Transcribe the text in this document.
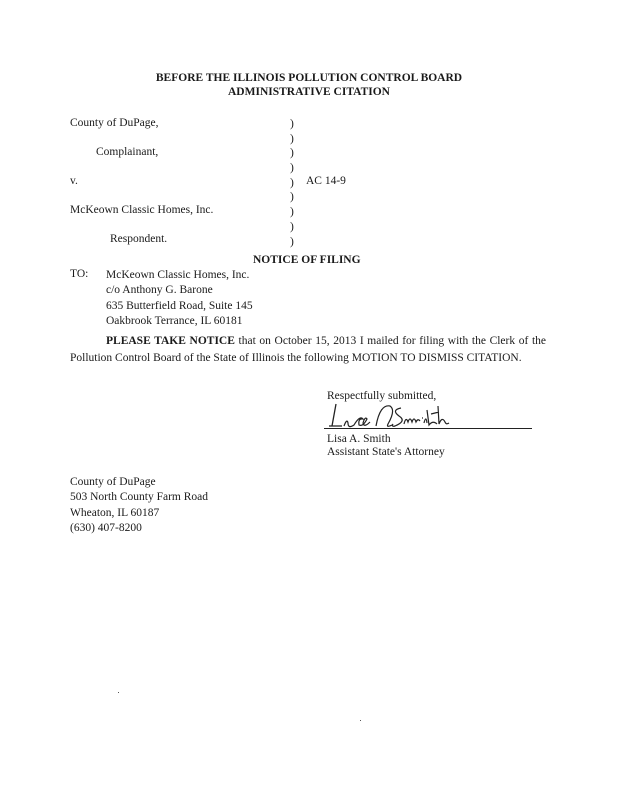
BEFORE THE ILLINOIS POLLUTION CONTROL BOARD
ADMINISTRATIVE CITATION
County of DuPage,
Complainant,
v.	AC 14-9
McKeown Classic Homes, Inc.
Respondent.
)
)
)
)
)
)
)
)
)
NOTICE OF FILING
TO: McKeown Classic Homes, Inc.
c/o Anthony G. Barone
635 Butterfield Road, Suite 145
Oakbrook Terrance, IL 60181
PLEASE TAKE NOTICE that on October 15, 2013 I mailed for filing with the Clerk of the Pollution Control Board of the State of Illinois the following MOTION TO DISMISS CITATION.
Respectfully submitted,
Lisa A. Smith
Assistant State's Attorney
County of DuPage
503 North County Farm Road
Wheaton, IL 60187
(630) 407-8200
